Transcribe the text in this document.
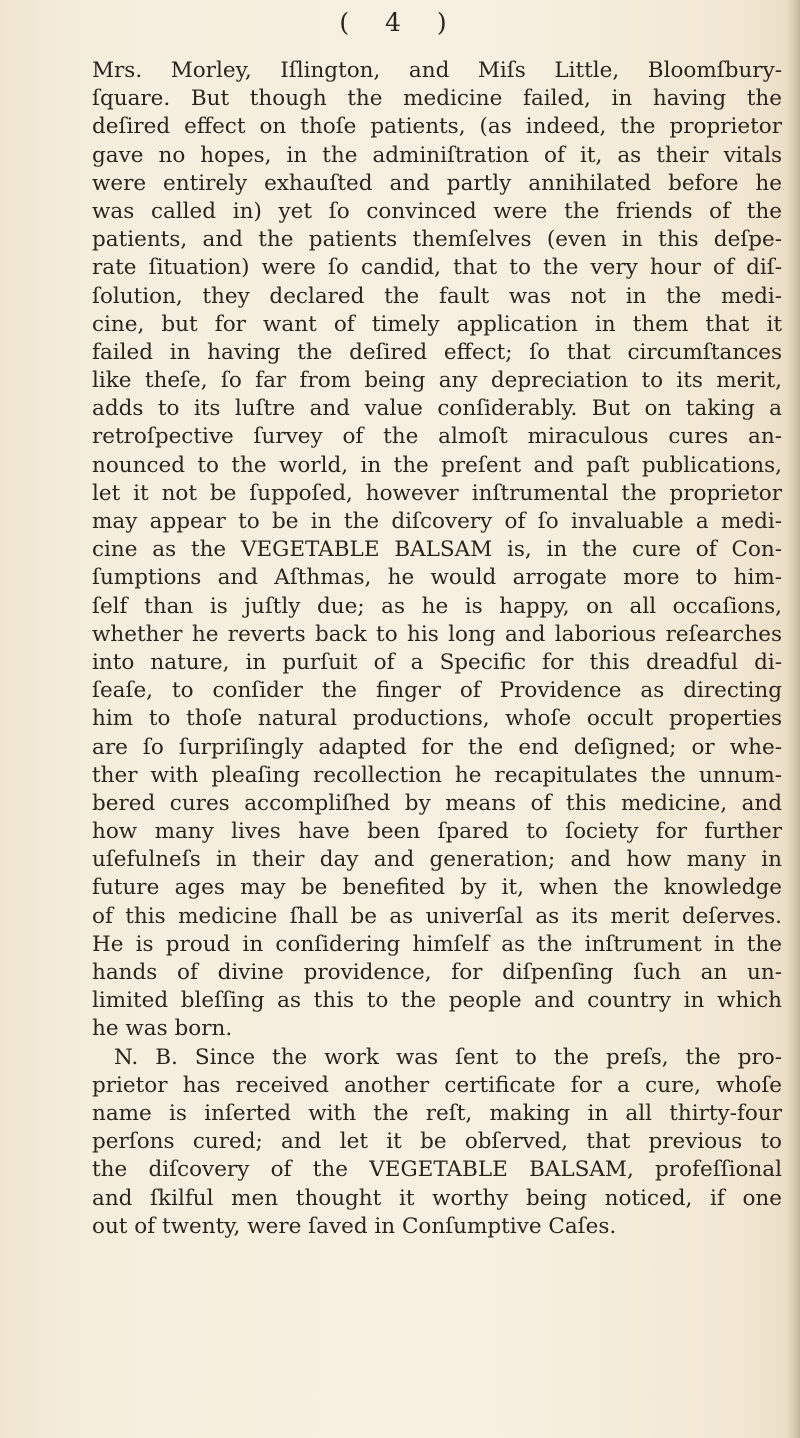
( 4 )
Mrs. Morley, Iſlington, and Miſs Little, Bloomſbury-
ſquare. But though the medicine failed, in having the
deſired effect on thoſe patients, (as indeed, the proprietor
gave no hopes, in the adminiſtration of it, as their vitals
were entirely exhauſted and partly annihilated before he
was called in) yet ſo convinced were the friends of the
patients, and the patients themſelves (even in this deſpe-
rate ſituation) were ſo candid, that to the very hour of diſ-
ſolution, they declared the fault was not in the medi-
cine, but for want of timely application in them that it
failed in having the deſired effect; ſo that circumſtances
like theſe, ſo far from being any depreciation to its merit,
adds to its luſtre and value conſiderably. But on taking a
retroſpective ſurvey of the almoſt miraculous cures an-
nounced to the world, in the preſent and paſt publications,
let it not be ſuppoſed, however inſtrumental the proprietor
may appear to be in the diſcovery of ſo invaluable a medi-
cine as the VEGETABLE BALSAM is, in the cure of Con-
ſumptions and Aſthmas, he would arrogate more to him-
ſelf than is juſtly due; as he is happy, on all occaſions,
whether he reverts back to his long and laborious reſearches
into nature, in purſuit of a Specific for this dreadful di-
ſeaſe, to conſider the finger of Providence as directing
him to thoſe natural productions, whoſe occult properties
are ſo ſurpriſingly adapted for the end deſigned; or whe-
ther with pleaſing recollection he recapitulates the unnum-
bered cures accompliſhed by means of this medicine, and
how many lives have been ſpared to ſociety for further
uſefulneſs in their day and generation; and how many in
future ages may be benefited by it, when the knowledge
of this medicine ſhall be as univerſal as its merit deſerves.
He is proud in conſidering himſelf as the inſtrument in the
hands of divine providence, for diſpenſing ſuch an un-
limited bleſſing as this to the people and country in which
he was born.
N. B. Since the work was ſent to the preſs, the pro-
prietor has received another certificate for a cure, whoſe
name is inſerted with the reſt, making in all thirty-four
perſons cured; and let it be obſerved, that previous to
the diſcovery of the VEGETABLE BALSAM, profeſſional
and ſkilful men thought it worthy being noticed, if one
out of twenty, were ſaved in Conſumptive Caſes.
